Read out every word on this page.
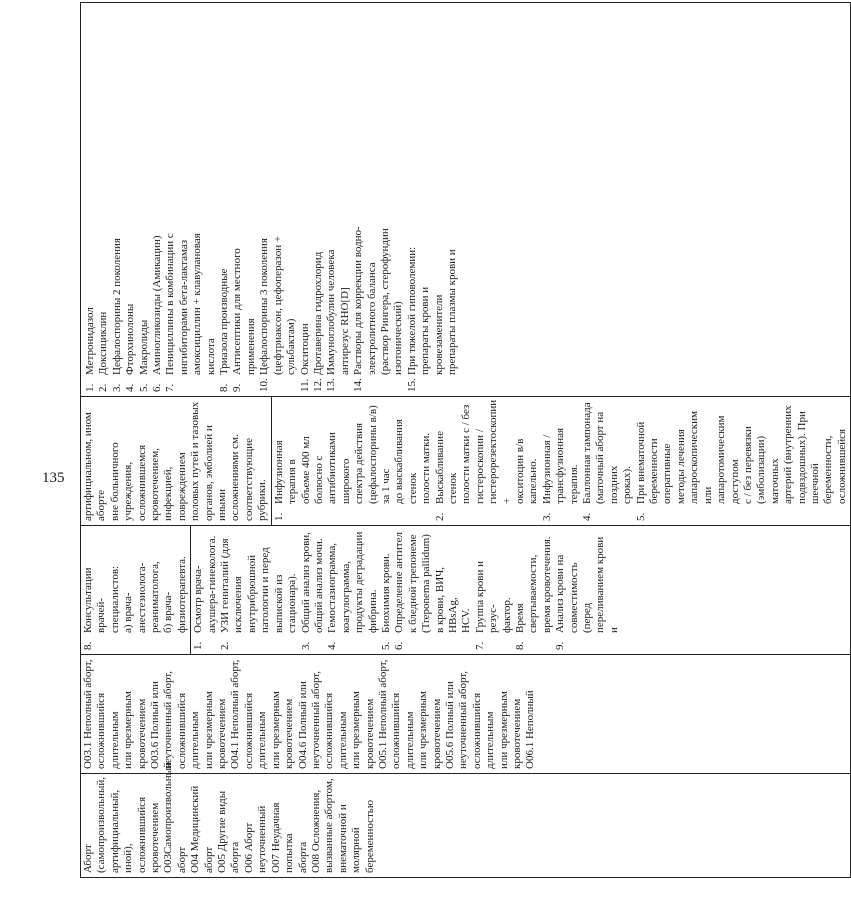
135
Аборт (самопроизвольный, артифициальный, иной), осложнившийся кровотечением О03Самопроизвольный аборт О04 Медицинский аборт О05 Другие виды аборта О06 Аборт неуточненный О07 Неудачная попытка аборта О08 Осложнения, вызванные абортом, внематочной и молярной беременностью

О03.1 Неполный аборт, осложнившийся длительным или чрезмерным кровотечением О03.6 Полный или неуточненный аборт, осложнившийся длительным или чрезмерным кровотечением О04.1 Неполный аборт, осложнившийся длительным или чрезмерным кровотечением О04.6 Полный или неуточненный аборт, осложнившийся длительным или чрезмерным кровотечением О05.1 Неполный аборт, осложнившийся длительным или чрезмерным кровотечением О05.6 Полный или неуточненный аборт, осложнившийся длительным или чрезмерным кровотечением О06.1 Неполный

8.
Консультации врачей- специалистов: а) врача-анестезиолога- реаниматолога, б) врача-физиотерапевта.
1.
Осмотр врача- акушера-гинеколога.
2.
УЗИ гениталий (для исключения внутрибрюшной патологии и перед выпиской из стационара).
3.
Общий анализ крови, общий анализ мочи.
4.
Гемостазиограмма, коагулограмма, продукты деградации фибрина.
5.
Биохимия крови.
6.
Определение антител к бледной трепонеме (Treponema pallidum) в крови, ВИЧ, HBsAg, HCV.
7.
Группа крови и резус- фактор.
8.
Время свертываемости, время кровотечения.
9.
Анализ крови на совместимость (перед переливанием крови и

артифициальном, ином аборте вне больничного учреждения, осложнившемся кровотечением, инфекцией, повреждением половых путей и тазовых органов, эмболией и иными осложнениями см. соответствующие рубрики. 1.
Инфузионная терапия в объеме 400 мл болюсно с антибиотиками широкого спектра действия (цефалоспорины в/в) за 1 час до выскабливания стенок полости матки.
2.
Выскабливание стенок полости матки с / без гистероскопии / гистерорезектоскопии + окситоцин в/в капельно.
3.
Инфузионная / трансфузионная терапия.
4.
Баллонная тампонада (маточный аборт на поздних сроках).
5.
При внематочной беременности оперативные методы лечения лапароскопическим или лапаротомическим доступом с / без перевязки (эмболизации) маточных артерий (внутренних подвздошных). При шеечной беременности, осложнившейся

1.
Метронидазол
2.
Доксициклин
3.
Цефалоспорины 2 поколения
4.
Фторхинолоны
5.
Макролиды
6.
Аминогликозиды (Амикацин)
7.
Пенициллины в комбинации с ингибиторами бета-лактамаз амоксициллин + клавулановая кислота
8.
Триазола производные
9.
Антисептики для местного применения
10.
Цефалоспорины 3 поколения (цефтриаксон, цефоперазон + сульбактам)
11.
Окситоцин
12.
Дротаверина гидрохлорид
13.
Иммуноглобулин человека антирезус RHO[D]
14.
Растворы для коррекции водно- электролитного баланса (раствор Рингера, стерофундин изотонический)
15.
При тяжелой гиповолемии: препараты крови и кровезаменители препараты плазмы крови и
